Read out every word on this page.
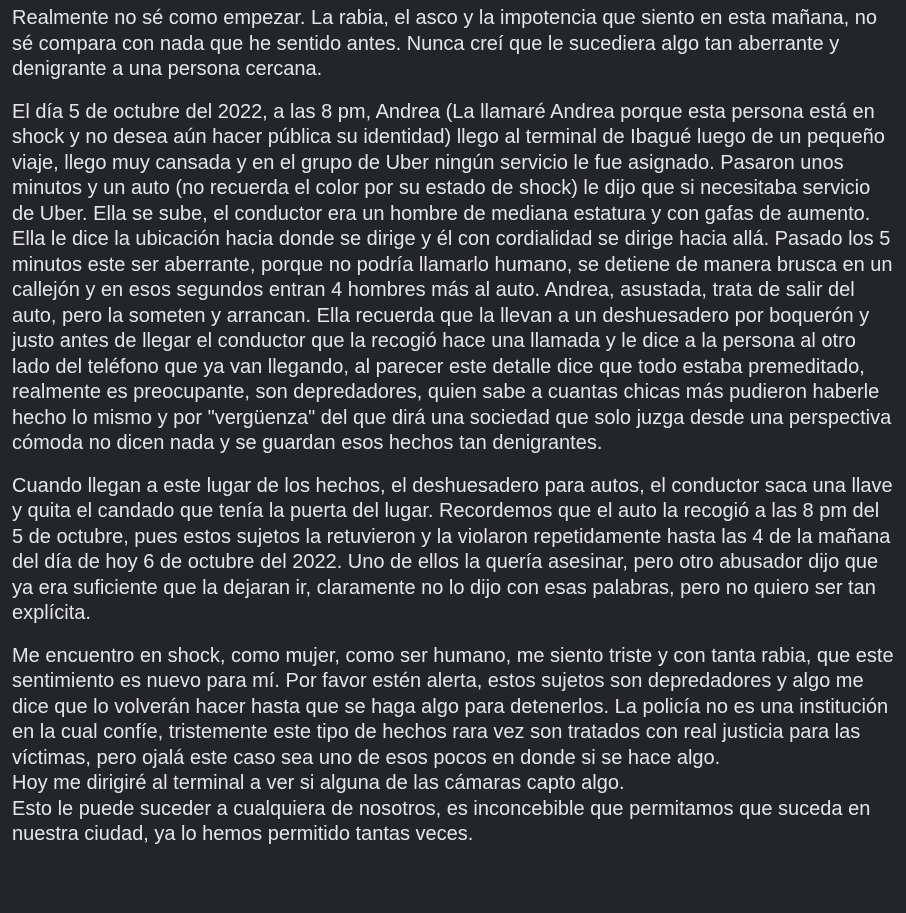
Realmente no sé como empezar. La rabia, el asco y la impotencia que siento en esta mañana, no sé compara con nada que he sentido antes. Nunca creí que le sucediera algo tan aberrante y denigrante a una persona cercana.

El día 5 de octubre del 2022, a las 8 pm, Andrea (La llamaré Andrea porque esta persona está en shock y no desea aún hacer pública su identidad) llego al terminal de Ibagué luego de un pequeño viaje, llego muy cansada y en el grupo de Uber ningún servicio le fue asignado. Pasaron unos minutos y un auto (no recuerda el color por su estado de shock) le dijo que si necesitaba servicio de Uber. Ella se sube, el conductor era un hombre de mediana estatura y con gafas de aumento. Ella le dice la ubicación hacia donde se dirige y él con cordialidad se dirige hacia allá. Pasado los 5 minutos este ser aberrante, porque no podría llamarlo humano, se detiene de manera brusca en un callejón y en esos segundos entran 4 hombres más al auto. Andrea, asustada, trata de salir del auto, pero la someten y arrancan. Ella recuerda que la llevan a un deshuesadero por boquerón y justo antes de llegar el conductor que la recogió hace una llamada y le dice a la persona al otro lado del teléfono que ya van llegando, al parecer este detalle dice que todo estaba premeditado, realmente es preocupante, son depredadores, quien sabe a cuantas chicas más pudieron haberle hecho lo mismo y por "vergüenza" del que dirá una sociedad que solo juzga desde una perspectiva cómoda no dicen nada y se guardan esos hechos tan denigrantes.

Cuando llegan a este lugar de los hechos, el deshuesadero para autos, el conductor saca una llave y quita el candado que tenía la puerta del lugar. Recordemos que el auto la recogió a las 8 pm del 5 de octubre, pues estos sujetos la retuvieron y la violaron repetidamente hasta las 4 de la mañana del día de hoy 6 de octubre del 2022. Uno de ellos la quería asesinar, pero otro abusador dijo que ya era suficiente que la dejaran ir, claramente no lo dijo con esas palabras, pero no quiero ser tan explícita.

Me encuentro en shock, como mujer, como ser humano, me siento triste y con tanta rabia, que este sentimiento es nuevo para mí. Por favor estén alerta, estos sujetos son depredadores y algo me dice que lo volverán hacer hasta que se haga algo para detenerlos. La policía no es una institución en la cual confíe, tristemente este tipo de hechos rara vez son tratados con real justicia para las víctimas, pero ojalá este caso sea uno de esos pocos en donde si se hace algo.
Hoy me dirigiré al terminal a ver si alguna de las cámaras capto algo.
Esto le puede suceder a cualquiera de nosotros, es inconcebible que permitamos que suceda en nuestra ciudad, ya lo hemos permitido tantas veces.
